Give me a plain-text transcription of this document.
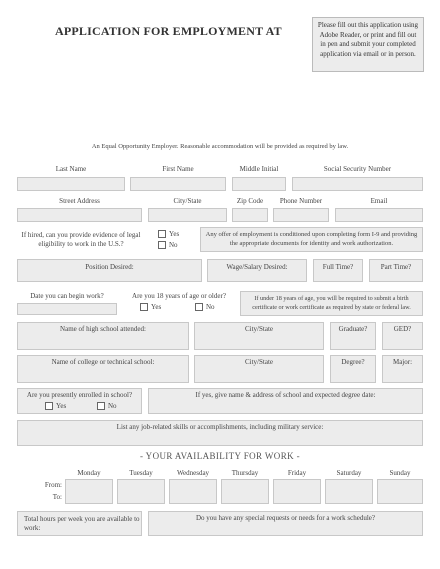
APPLICATION FOR EMPLOYMENT AT	Please fill out this application using Adobe Reader, or print and fill out in pen and submit your completed application via email or in person.
An Equal Opportunity Employer. Reasonable accommodation will be provided as required by law.
Last Name	First Name	Middle Initial	Social Security Number
Street Address	City/State	Zip Code	Phone Number	Email
If hired, can you provide evidence of legal eligibility to work in the U.S.?
Yes
No
Any offer of employment is conditioned upon completing form I-9 and providing the appropriate documents for identity and work authorization.
Position Desired:	Wage/Salary Desired:	Full Time?	Part Time?
Date you can begin work?	Are you 18 years of age or older?
Yes	No
If under 18 years of age, you will be required to submit a birth certificate or work certificate as required by state or federal law.
Name of high school attended:	City/State	Graduate?	GED?
Name of college or technical school:	City/State	Degree?	Major:
Are you presently enrolled in school?
Yes	No
If yes, give name & address of school and expected degree date:
List any job-related skills or accomplishments, including military service:
- YOUR AVAILABILITY FOR WORK -
Monday	Tuesday	Wednesday	Thursday	Friday	Saturday	Sunday
From:
To:
Total hours per week you are available to work:
Do you have any special requests or needs for a work schedule?
